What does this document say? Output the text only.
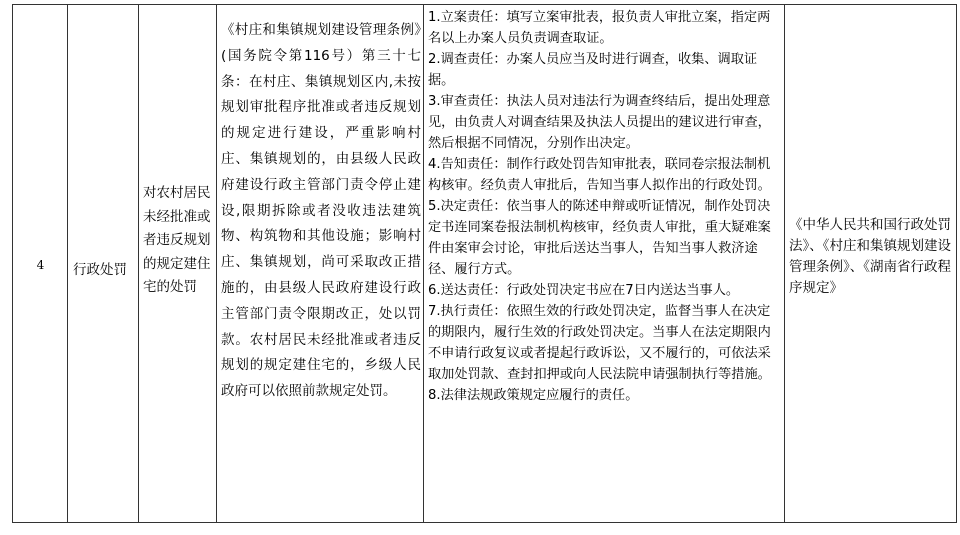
4	行政处罚
对农村居民未经批准或者违反规划的规定建住宅的处罚
《村庄和集镇规划建设管理条例》(国务院令第116号）第三十七条：在村庄、集镇规划区内,未按规划审批程序批准或者违反规划的规定进行建设，严重影响村庄、集镇规划的，由县级人民政府建设行政主管部门责令停止建设,限期拆除或者没收违法建筑物、构筑物和其他设施；影响村庄、集镇规划，尚可采取改正措施的，由县级人民政府建设行政主管部门责令限期改正，处以罚款。农村居民未经批准或者违反规划的规定建住宅的，乡级人民政府可以依照前款规定处罚。

1.立案责任：填写立案审批表，报负责人审批立案，指定两名以上办案人员负责调查取证。

2.调查责任：办案人员应当及时进行调查，收集、调取证据。

3.审查责任：执法人员对违法行为调查终结后，提出处理意见，由负责人对调查结果及执法人员提出的建议进行审查，然后根据不同情况，分别作出决定。

4.告知责任：制作行政处罚告知审批表，联同卷宗报法制机构核审。经负责人审批后，告知当事人拟作出的行政处罚。

5.决定责任：依当事人的陈述申辩或听证情况，制作处罚决定书连同案卷报法制机构核审，经负责人审批，重大疑难案件由案审会讨论，审批后送达当事人，告知当事人救济途径、履行方式。

6.送达责任：行政处罚决定书应在7日内送达当事人。

7.执行责任：依照生效的行政处罚决定，监督当事人在决定的期限内，履行生效的行政处罚决定。当事人在法定期限内不申请行政复议或者提起行政诉讼，又不履行的，可依法采取加处罚款、查封扣押或向人民法院申请强制执行等措施。

8.法律法规政策规定应履行的责任。

《中华人民共和国行政处罚法》、《村庄和集镇规划建设管理条例》、《湖南省行政程序规定》
